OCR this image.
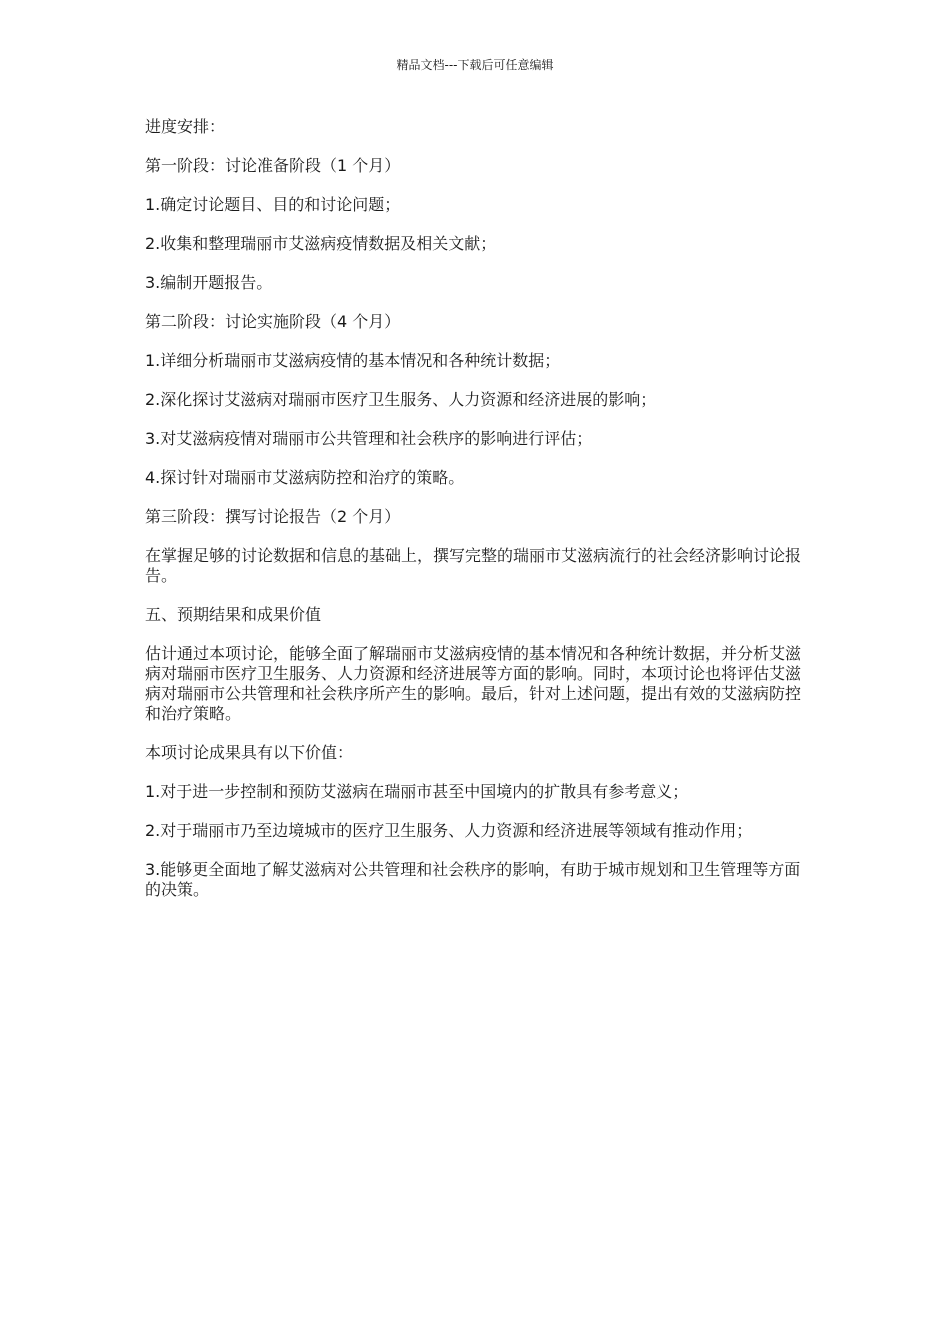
精品文档---下载后可任意编辑

进度安排：

第一阶段：讨论准备阶段（1 个月）

1.确定讨论题目、目的和讨论问题；

2.收集和整理瑞丽市艾滋病疫情数据及相关文献；

3.编制开题报告。

第二阶段：讨论实施阶段（4 个月）

1.详细分析瑞丽市艾滋病疫情的基本情况和各种统计数据；

2.深化探讨艾滋病对瑞丽市医疗卫生服务、人力资源和经济进展的影响；

3.对艾滋病疫情对瑞丽市公共管理和社会秩序的影响进行评估；

4.探讨针对瑞丽市艾滋病防控和治疗的策略。

第三阶段：撰写讨论报告（2 个月）

在掌握足够的讨论数据和信息的基础上，撰写完整的瑞丽市艾滋病流行的社会经济影响讨论报告。

五、预期结果和成果价值

估计通过本项讨论，能够全面了解瑞丽市艾滋病疫情的基本情况和各种统计数据，并分析艾滋病对瑞丽市医疗卫生服务、人力资源和经济进展等方面的影响。同时，本项讨论也将评估艾滋病对瑞丽市公共管理和社会秩序所产生的影响。最后，针对上述问题，提出有效的艾滋病防控和治疗策略。

本项讨论成果具有以下价值：

1.对于进一步控制和预防艾滋病在瑞丽市甚至中国境内的扩散具有参考意义；

2.对于瑞丽市乃至边境城市的医疗卫生服务、人力资源和经济进展等领域有推动作用；

3.能够更全面地了解艾滋病对公共管理和社会秩序的影响，有助于城市规划和卫生管理等方面的决策。
